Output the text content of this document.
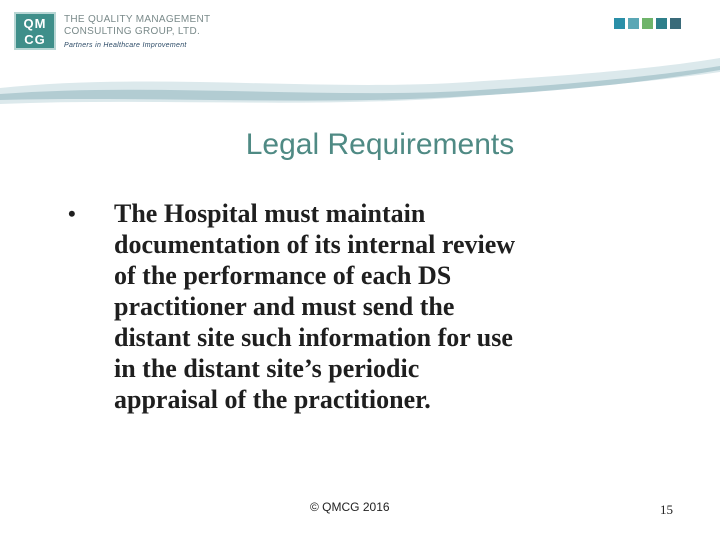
QM
CG
THE QUALITY MANAGEMENT
CONSULTING GROUP, LTD.
Partners in Healthcare Improvement
Legal Requirements
• The Hospital must maintain
documentation of its internal review
of the performance of each DS
practitioner and must send the
distant site such information for use
in the distant site’s periodic
appraisal of the practitioner.
© QMCG 2016	15
